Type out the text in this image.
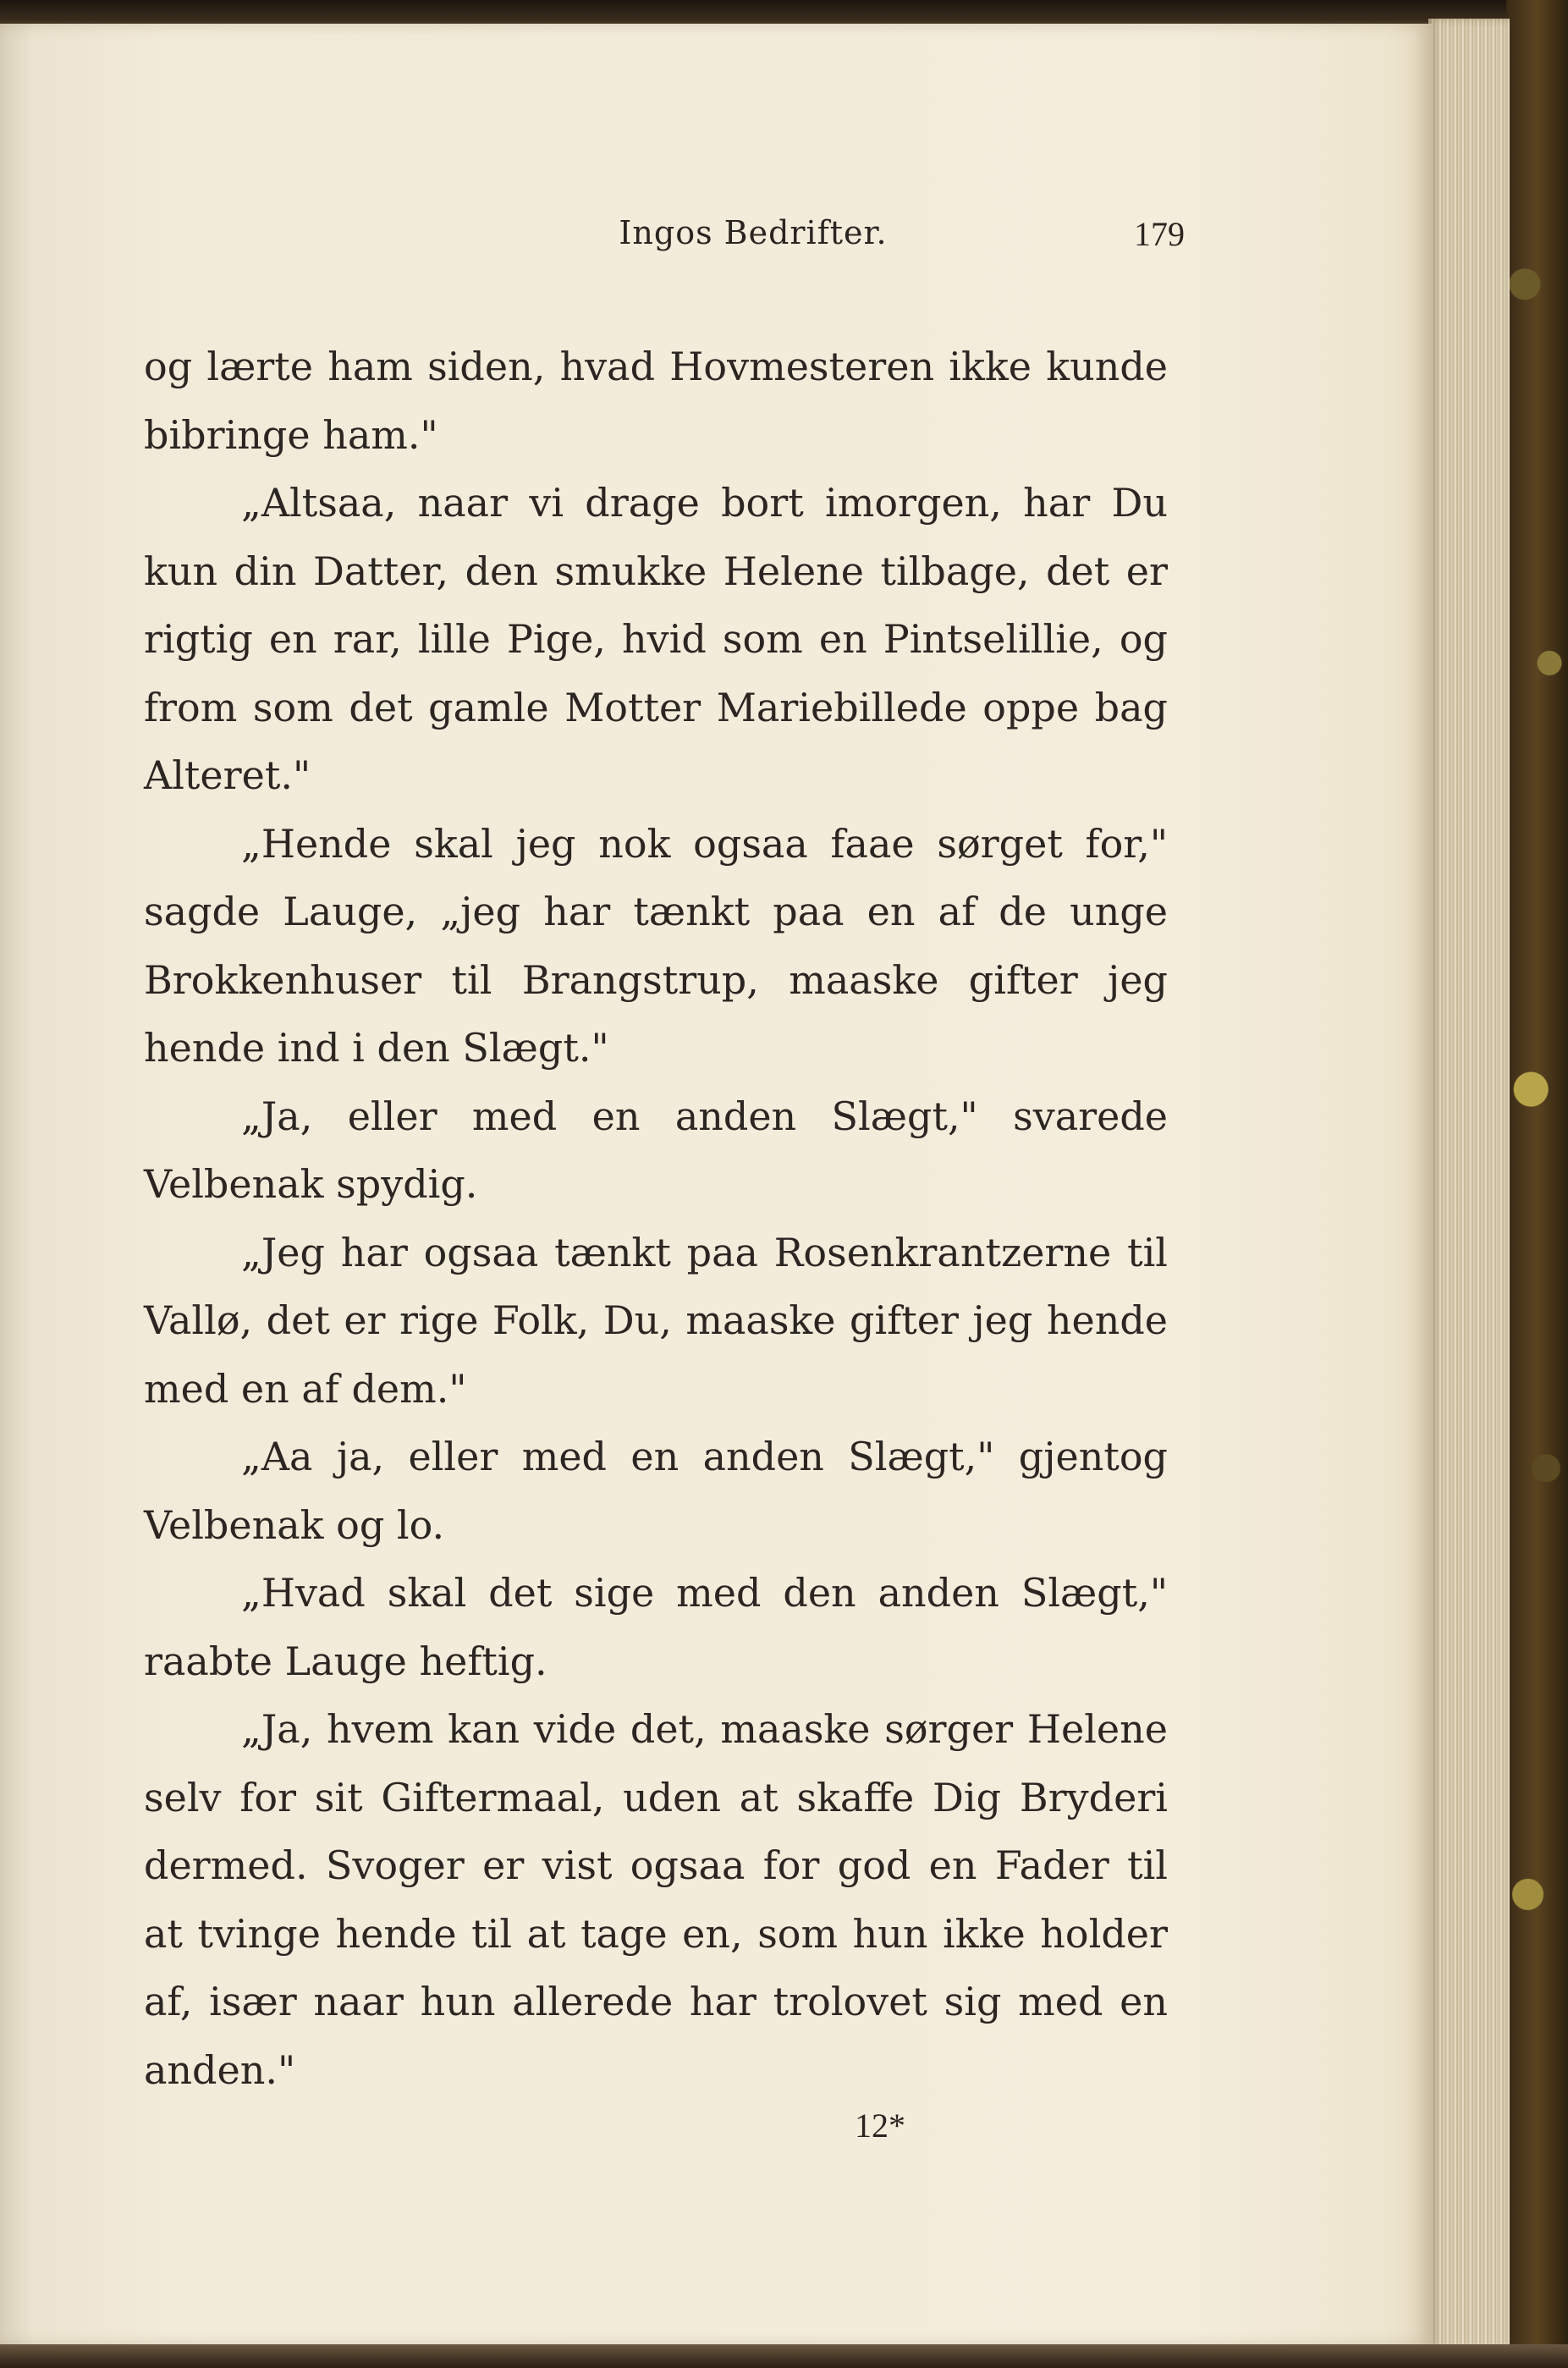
Ingos Bedrifter.	179

og lærte ham siden, hvad Hovmesteren ikke kunde bibringe ham."

„Altsaa, naar vi drage bort imorgen, har Du kun din Datter, den smukke Helene tilbage, det er rigtig en rar, lille Pige, hvid som en Pintselillie, og from som det gamle Motter Mariebillede oppe bag Alteret."

„Hende skal jeg nok ogsaa faae sørget for," sagde Lauge, „jeg har tænkt paa en af de unge Brokkenhuser til Brangstrup, maaske gifter jeg hende ind i den Slægt."

„Ja, eller med en anden Slægt," svarede Velbenak spydig.

„Jeg har ogsaa tænkt paa Rosenkrantzerne til Vallø, det er rige Folk, Du, maaske gifter jeg hende med en af dem."

„Aa ja, eller med en anden Slægt," gjentog Velbenak og lo.

„Hvad skal det sige med den anden Slægt," raabte Lauge heftig.

„Ja, hvem kan vide det, maaske sørger Helene selv for sit Giftermaal, uden at skaffe Dig Bryderi dermed. Svoger er vist ogsaa for god en Fader til at tvinge hende til at tage en, som hun ikke holder af, især naar hun allerede har trolovet sig med en anden."

12*
